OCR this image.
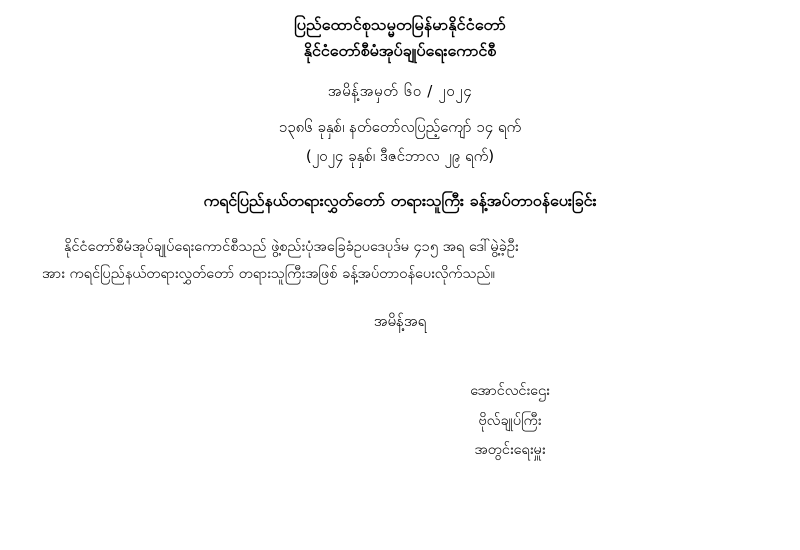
ပြည်ထောင်စုသမ္မတမြန်မာနိုင်ငံတော်
နိုင်ငံတော်စီမံအုပ်ချုပ်ရေးကောင်စီ
အမိန့်အမှတ် ၆၀ / ၂၀၂၄
၁၃၈၆ ခုနှစ်၊ နတ်တော်လပြည့်ကျော် ၁၄ ရက်
(၂၀၂၄ ခုနှစ်၊ ဒီဇင်ဘာလ ၂၉ ရက်)
ကရင်ပြည်နယ်တရားလွှတ်တော် တရားသူကြီး ခန့်အပ်တာဝန်ပေးခြင်း

နိုင်ငံတော်စီမံအုပ်ချုပ်ရေးကောင်စီသည် ဖွဲ့စည်းပုံအခြေခံဥပဒေပုဒ်မ ၄၁၅ အရ ဒေါ်မွဲ့ခဲ့ဦး

အား ကရင်ပြည်နယ်တရားလွှတ်တော် တရားသူကြီးအဖြစ် ခန့်အပ်တာဝန်ပေးလိုက်သည်။

အမိန့်အရ
အောင်လင်းဌေး
ဗိုလ်ချုပ်ကြီး
အတွင်းရေးမှူး
